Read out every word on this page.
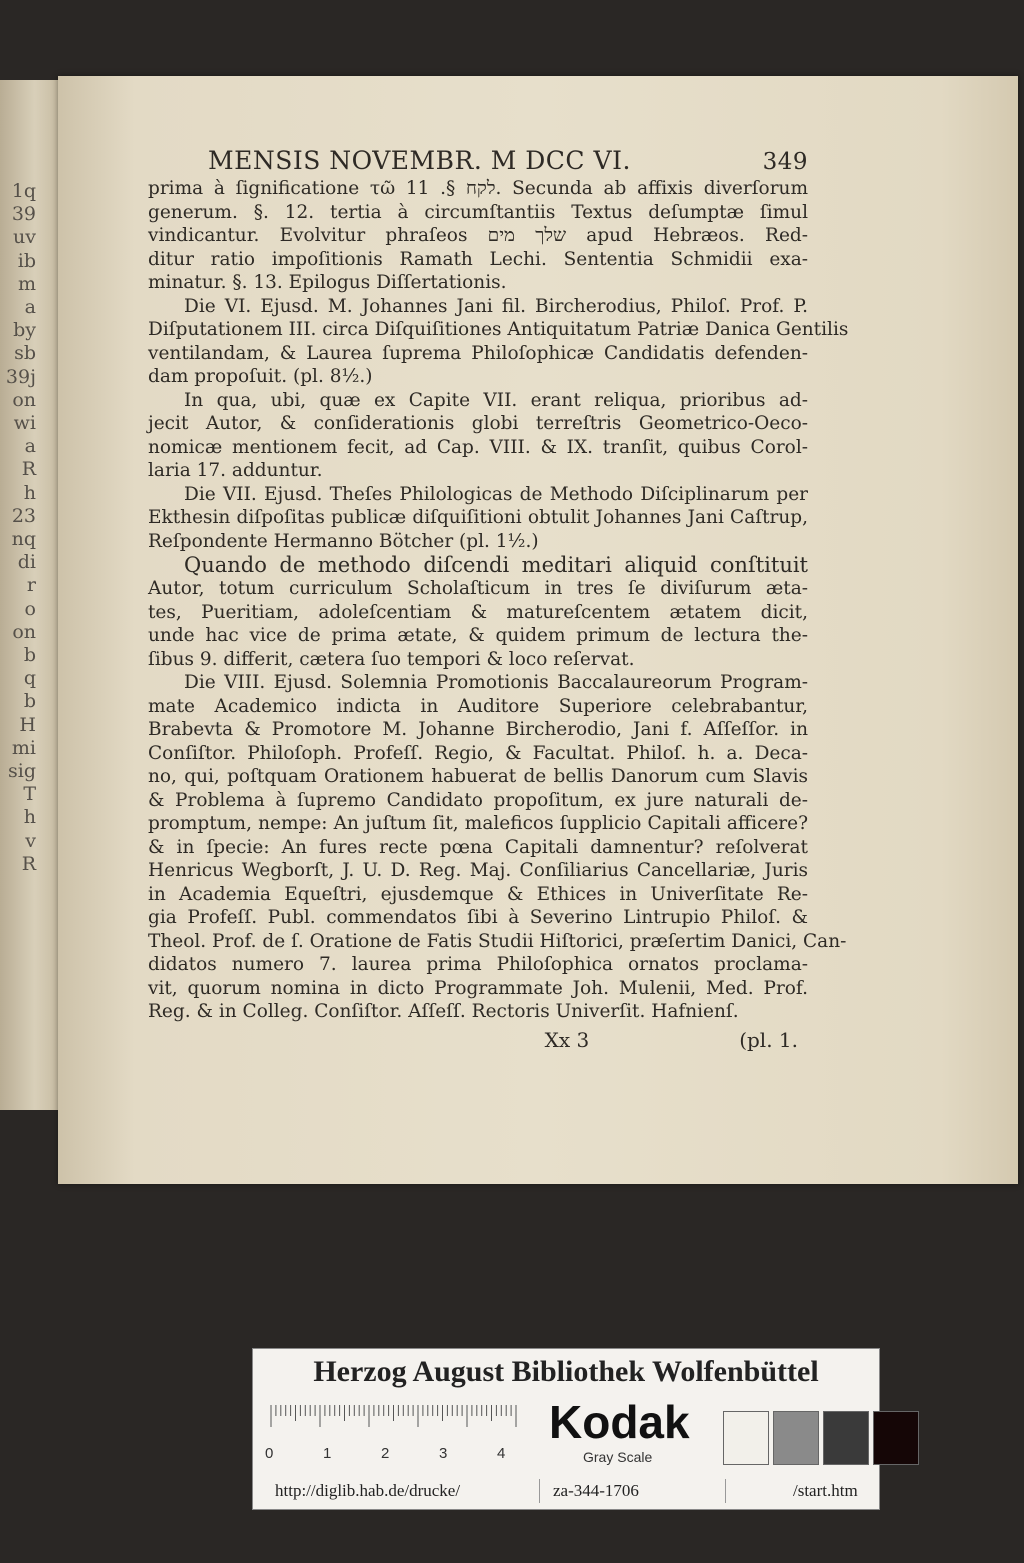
1q
39
uv
ib
m
a
by
sb
39j
on
wi
a
R
h
23
nq
di
r
o
on
b
q
b
H
mi
sig
T
h
v
R
MENSIS NOVEMBR. M DCC VI.	349
prima à ſignificatione τῶ לקח §. 11. Secunda ab affixis diverſorum
generum. §. 12. tertia à circumſtantiis Textus deſumptæ ſimul
vindicantur. Evolvitur phraſeos שלך מים apud Hebræos. Red-
ditur ratio impoſitionis Ramath Lechi. Sententia Schmidii exa-
minatur. §. 13. Epilogus Diſſertationis.
Die VI. Ejusd. M. Johannes Jani fil. Bircherodius, Philoſ. Prof. P.
Diſputationem III. circa Diſquiſitiones Antiquitatum Patriæ Danica Gentilis
ventilandam, & Laurea ſuprema Philoſophicæ Candidatis defenden-
dam propoſuit. (pl. 8½.)
In qua, ubi, quæ ex Capite VII. erant reliqua, prioribus ad-
jecit Autor, & conſiderationis globi terreſtris Geometrico-Oeco-
nomicæ mentionem fecit, ad Cap. VIII. & IX. tranſit, quibus Corol-
laria 17. adduntur.
Die VII. Ejusd. Theſes Philologicas de Methodo Diſciplinarum per
Ekthesin diſpoſitas publicæ diſquiſitioni obtulit Johannes Jani Caſtrup,
Reſpondente Hermanno Bötcher (pl. 1½.)
Quando de methodo diſcendi meditari aliquid conſtituit
Autor, totum curriculum Scholaſticum in tres ſe diviſurum æta-
tes, Pueritiam, adoleſcentiam & matureſcentem ætatem dicit,
unde hac vice de prima ætate, & quidem primum de lectura the-
ſibus 9. differit, cætera ſuo tempori & loco reſervat.
Die VIII. Ejusd. Solemnia Promotionis Baccalaureorum Program-
mate Academico indicta in Auditore Superiore celebrabantur,
Brabevta & Promotore M. Johanne Bircherodio, Jani f. Aſſeſſor. in
Conſiſtor. Philoſoph. Profeſſ. Regio, & Facultat. Philoſ. h. a. Deca-
no, qui, poſtquam Orationem habuerat de bellis Danorum cum Slavis
& Problema à ſupremo Candidato propoſitum, ex jure naturali de-
promptum, nempe: An juſtum ſit, maleficos ſupplicio Capitali afficere?
& in ſpecie: An fures recte pœna Capitali damnentur? reſolverat
Henricus Wegborſt, J. U. D. Reg. Maj. Conſiliarius Cancellariæ, Juris
in Academia Equeſtri, ejusdemque & Ethices in Univerſitate Re-
gia Profeſſ. Publ. commendatos ſibi à Severino Lintrupio Philoſ. &
Theol. Prof. de ſ. Oratione de Fatis Studii Hiſtorici, præſertim Danici, Can-
didatos numero 7. laurea prima Philoſophica ornatos proclama-
vit, quorum nomina in dicto Programmate Joh. Mulenii, Med. Prof.
Reg. & in Colleg. Conſiſtor. Aſſeſſ. Rectoris Univerſit. Hafnienſ.
Xx 3	(pl. 1.
Herzog August Bibliothek Wolfenbüttel
0	1	2	3	4
Kodak
Gray Scale
http://diglib.hab.de/drucke/	za-344-1706	/start.htm
